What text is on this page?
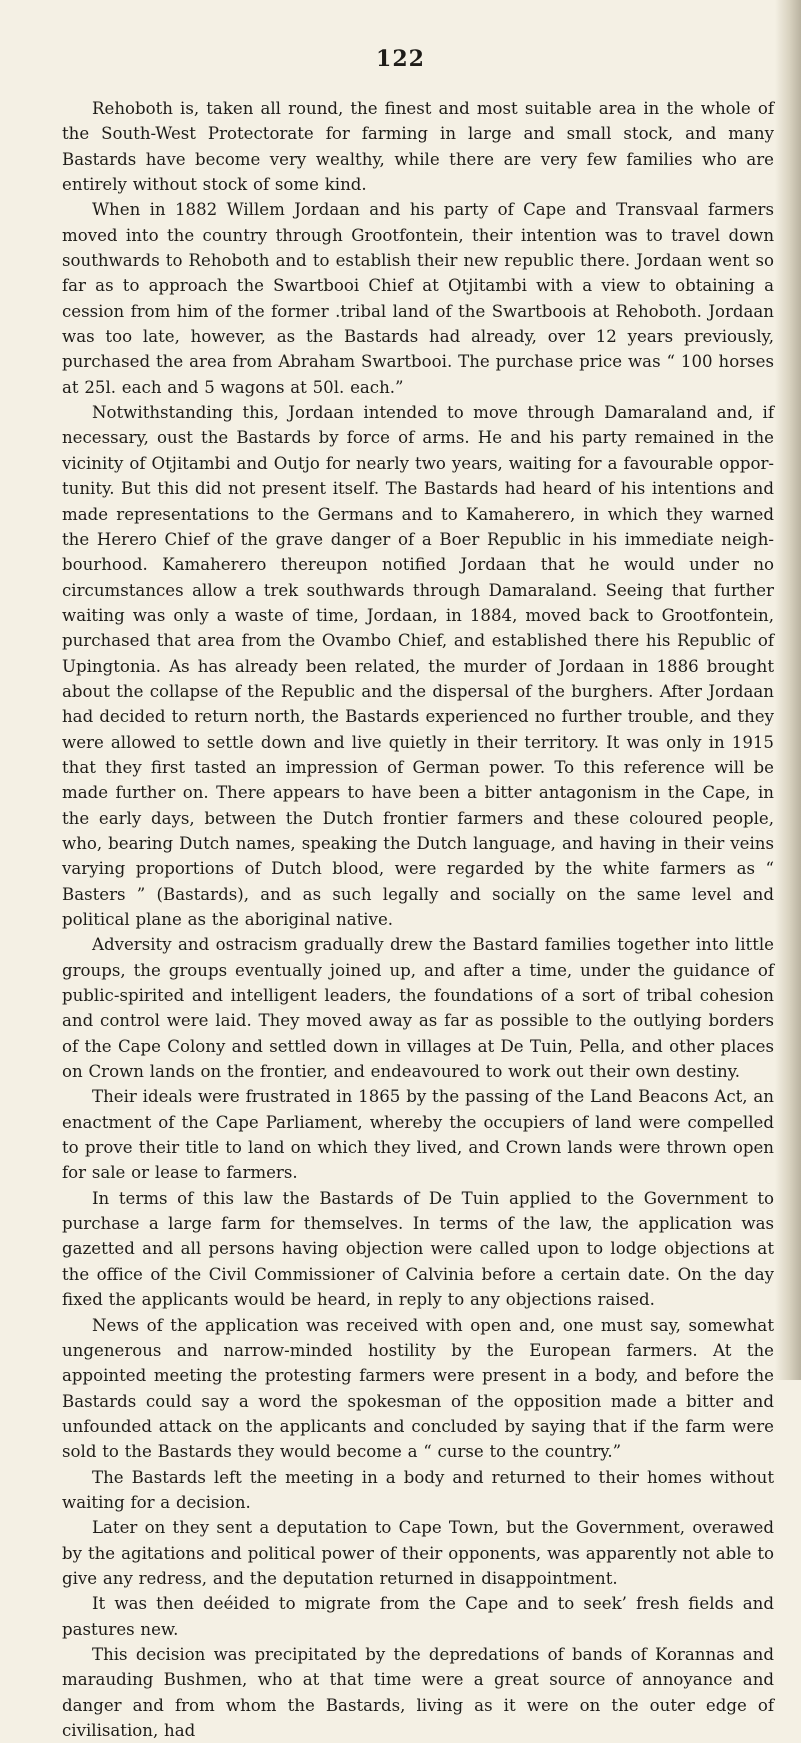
122

Rehoboth is, taken all round, the finest and most suitable area in the whole of the South-West Protectorate for farming in large and small stock, and many Bastards have become very wealthy, while there are very few families who are entirely without stock of some kind.

When in 1882 Willem Jordaan and his party of Cape and Transvaal farmers moved into the country through Grootfontein, their intention was to travel down southwards to Rehoboth and to establish their new republic there. Jordaan went so far as to approach the Swartbooi Chief at Otjitambi with a view to obtaining a cession from him of the former .tribal land of the Swartboois at Rehoboth. Jordaan was too late, however, as the Bastards had already, over 12 years previously, purchased the area from Abraham Swartbooi. The purchase price was “ 100 horses at 25l. each and 5 wagons at 50l. each.”

Notwithstanding this, Jordaan intended to move through Damaraland and, if necessary, oust the Bastards by force of arms. He and his party remained in the vicinity of Otjitambi and Outjo for nearly two years, waiting for a favourable oppor-tunity. But this did not present itself. The Bastards had heard of his intentions and made representations to the Germans and to Kamaherero, in which they warned the Herero Chief of the grave danger of a Boer Republic in his immediate neigh-bourhood. Kamaherero thereupon notified Jordaan that he would under no circumstances allow a trek southwards through Damaraland. Seeing that further waiting was only a waste of time, Jordaan, in 1884, moved back to Grootfontein, purchased that area from the Ovambo Chief, and established there his Republic of Upingtonia. As has already been related, the murder of Jordaan in 1886 brought about the collapse of the Republic and the dispersal of the burghers. After Jordaan had decided to return north, the Bastards experienced no further trouble, and they were allowed to settle down and live quietly in their territory. It was only in 1915 that they first tasted an impression of German power. To this reference will be made further on. There appears to have been a bitter antagonism in the Cape, in the early days, between the Dutch frontier farmers and these coloured people, who, bearing Dutch names, speaking the Dutch language, and having in their veins varying proportions of Dutch blood, were regarded by the white farmers as “ Basters ” (Bastards), and as such legally and socially on the same level and political plane as the aboriginal native.

Adversity and ostracism gradually drew the Bastard families together into little groups, the groups eventually joined up, and after a time, under the guidance of public-spirited and intelligent leaders, the foundations of a sort of tribal cohesion and control were laid. They moved away as far as possible to the outlying borders of the Cape Colony and settled down in villages at De Tuin, Pella, and other places on Crown lands on the frontier, and endeavoured to work out their own destiny.

Their ideals were frustrated in 1865 by the passing of the Land Beacons Act, an enactment of the Cape Parliament, whereby the occupiers of land were compelled to prove their title to land on which they lived, and Crown lands were thrown open for sale or lease to farmers.

In terms of this law the Bastards of De Tuin applied to the Government to purchase a large farm for themselves. In terms of the law, the application was gazetted and all persons having objection were called upon to lodge objections at the office of the Civil Commissioner of Calvinia before a certain date. On the day fixed the applicants would be heard, in reply to any objections raised.

News of the application was received with open and, one must say, somewhat ungenerous and narrow-minded hostility by the European farmers. At the appointed meeting the protesting farmers were present in a body, and before the Bastards could say a word the spokesman of the opposition made a bitter and unfounded attack on the applicants and concluded by saying that if the farm were sold to the Bastards they would become a “ curse to the country.”

The Bastards left the meeting in a body and returned to their homes without waiting for a decision.

Later on they sent a deputation to Cape Town, but the Government, overawed by the agitations and political power of their opponents, was apparently not able to give any redress, and the deputation returned in disappointment.

It was then deéided to migrate from the Cape and to seek’ fresh fields and pastures new.

This decision was precipitated by the depredations of bands of Korannas and marauding Bushmen, who at that time were a great source of annoyance and danger and from whom the Bastards, living as it were on the outer edge of civilisation, had
